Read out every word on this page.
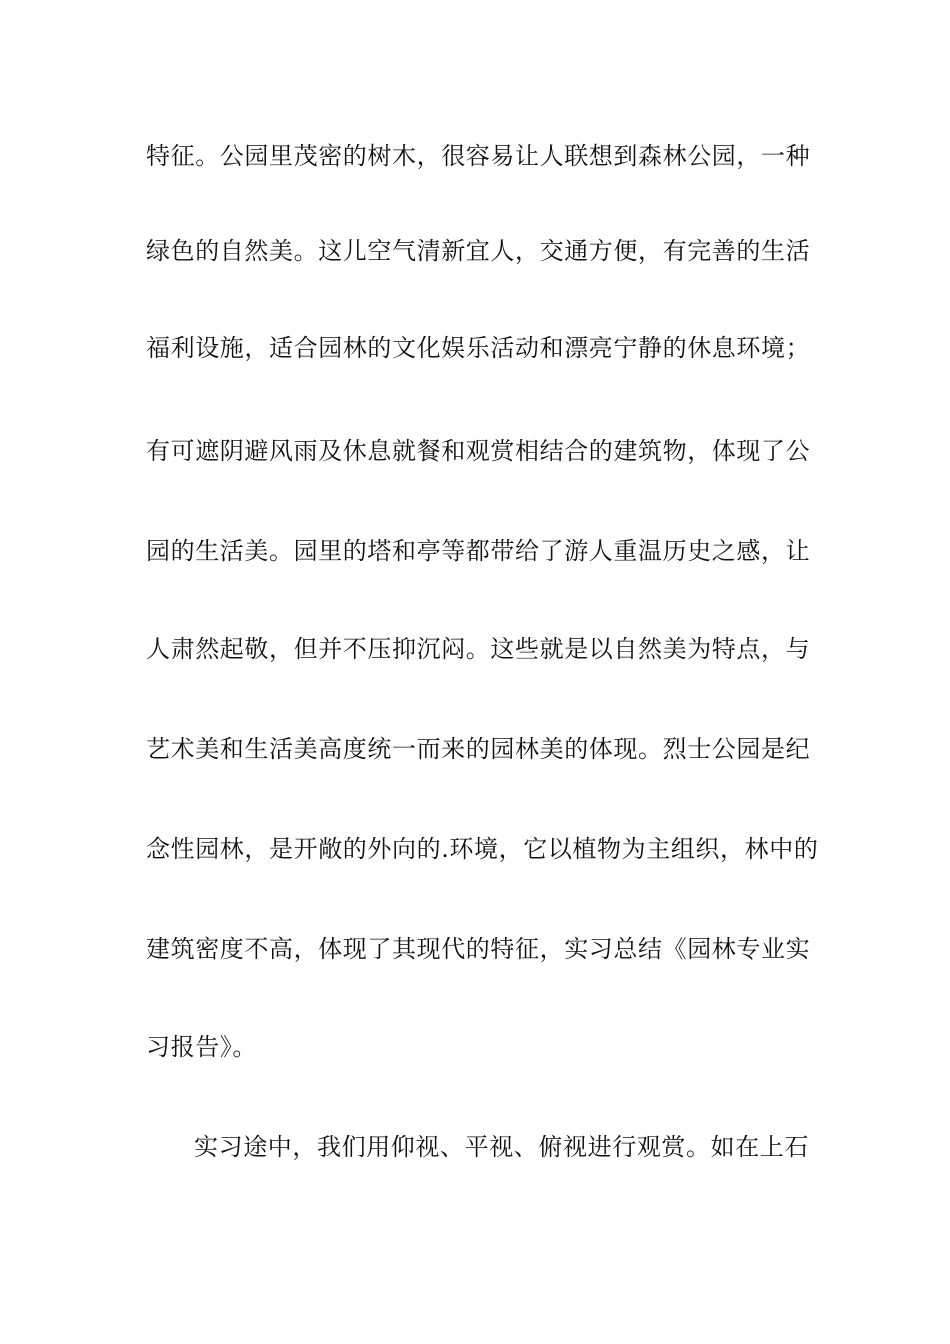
特征。公园里茂密的树木，很容易让人联想到森林公园，一种
绿色的自然美。这儿空气清新宜人，交通方便，有完善的生活
福利设施，适合园林的文化娱乐活动和漂亮宁静的休息环境；
有可遮阴避风雨及休息就餐和观赏相结合的建筑物，体现了公
园的生活美。园里的塔和亭等都带给了游人重温历史之感，让
人肃然起敬，但并不压抑沉闷。这些就是以自然美为特点，与
艺术美和生活美高度统一而来的园林美的体现。烈士公园是纪
念性园林，是开敞的外向的.环境，它以植物为主组织，林中的
建筑密度不高，体现了其现代的特征，实习总结《园林专业实
习报告》。
实习途中，我们用仰视、平视、俯视进行观赏。如在上石
